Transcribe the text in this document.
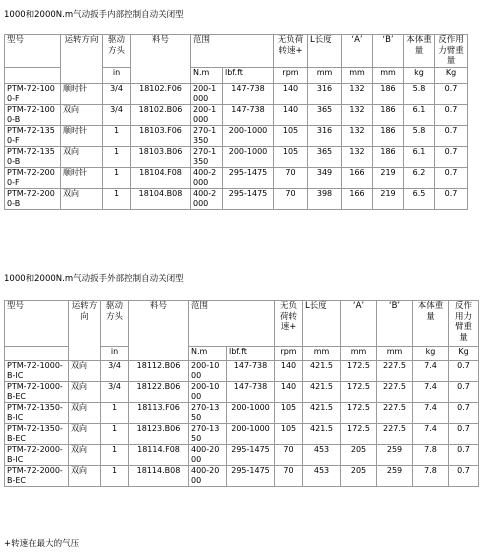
1000和2000N.m气动扳手内部控制自动关闭型
型号	运转方向	驱动方头	料号	范围		无负荷转速+	L长度	‘A’	‘B’	本体重量	反作用力臂重量
		in		N.m	lbf.ft	rpm	mm	mm	mm	kg	Kg
PTM-72-1000-F	顺时针	3/4	18102.F06	200-1000	147-738	140	316	132	186	5.8	0.7
PTM-72-1000-B	双向	3/4	18102.B06	200-1000	147-738	140	365	132	186	6.1	0.7
PTM-72-1350-F	顺时针	1	18103.F06	270-1350	200-1000	105	316	132	186	5.8	0.7
PTM-72-1350-B	双向	1	18103.B06	270-1350	200-1000	105	365	132	186	6.1	0.7
PTM-72-2000-F	顺时针	1	18104.F08	400-2000	295-1475	70	349	166	219	6.2	0.7
PTM-72-2000-B	双向	1	18104.B08	400-2000	295-1475	70	398	166	219	6.5	0.7
1000和2000N.m气动扳手外部控制自动关闭型
型号	运转方向	驱动方头	料号	范围		无负荷转速+	L长度	‘A’	‘B’	本体重量	反作用力臂重量
		in		N.m	lbf.ft	rpm	mm	mm	mm	kg	Kg
PTM-72-1000-B-IC	双向	3/4	18112.B06	200-1000	147-738	140	421.5	172.5	227.5	7.4	0.7
PTM-72-1000-B-EC	双向	3/4	18122.B06	200-1000	147-738	140	421.5	172.5	227.5	7.4	0.7
PTM-72-1350-B-IC	双向	1	18113.F06	270-1350	200-1000	105	421.5	172.5	227.5	7.4	0.7
PTM-72-1350-B-EC	双向	1	18123.B06	270-1350	200-1000	105	421.5	172.5	227.5	7.4	0.7
PTM-72-2000-B-IC	双向	1	18114.F08	400-2000	295-1475	70	453	205	259	7.8	0.7
PTM-72-2000-B-EC	双向	1	18114.B08	400-2000	295-1475	70	453	205	259	7.8	0.7
+转速在最大的气压
